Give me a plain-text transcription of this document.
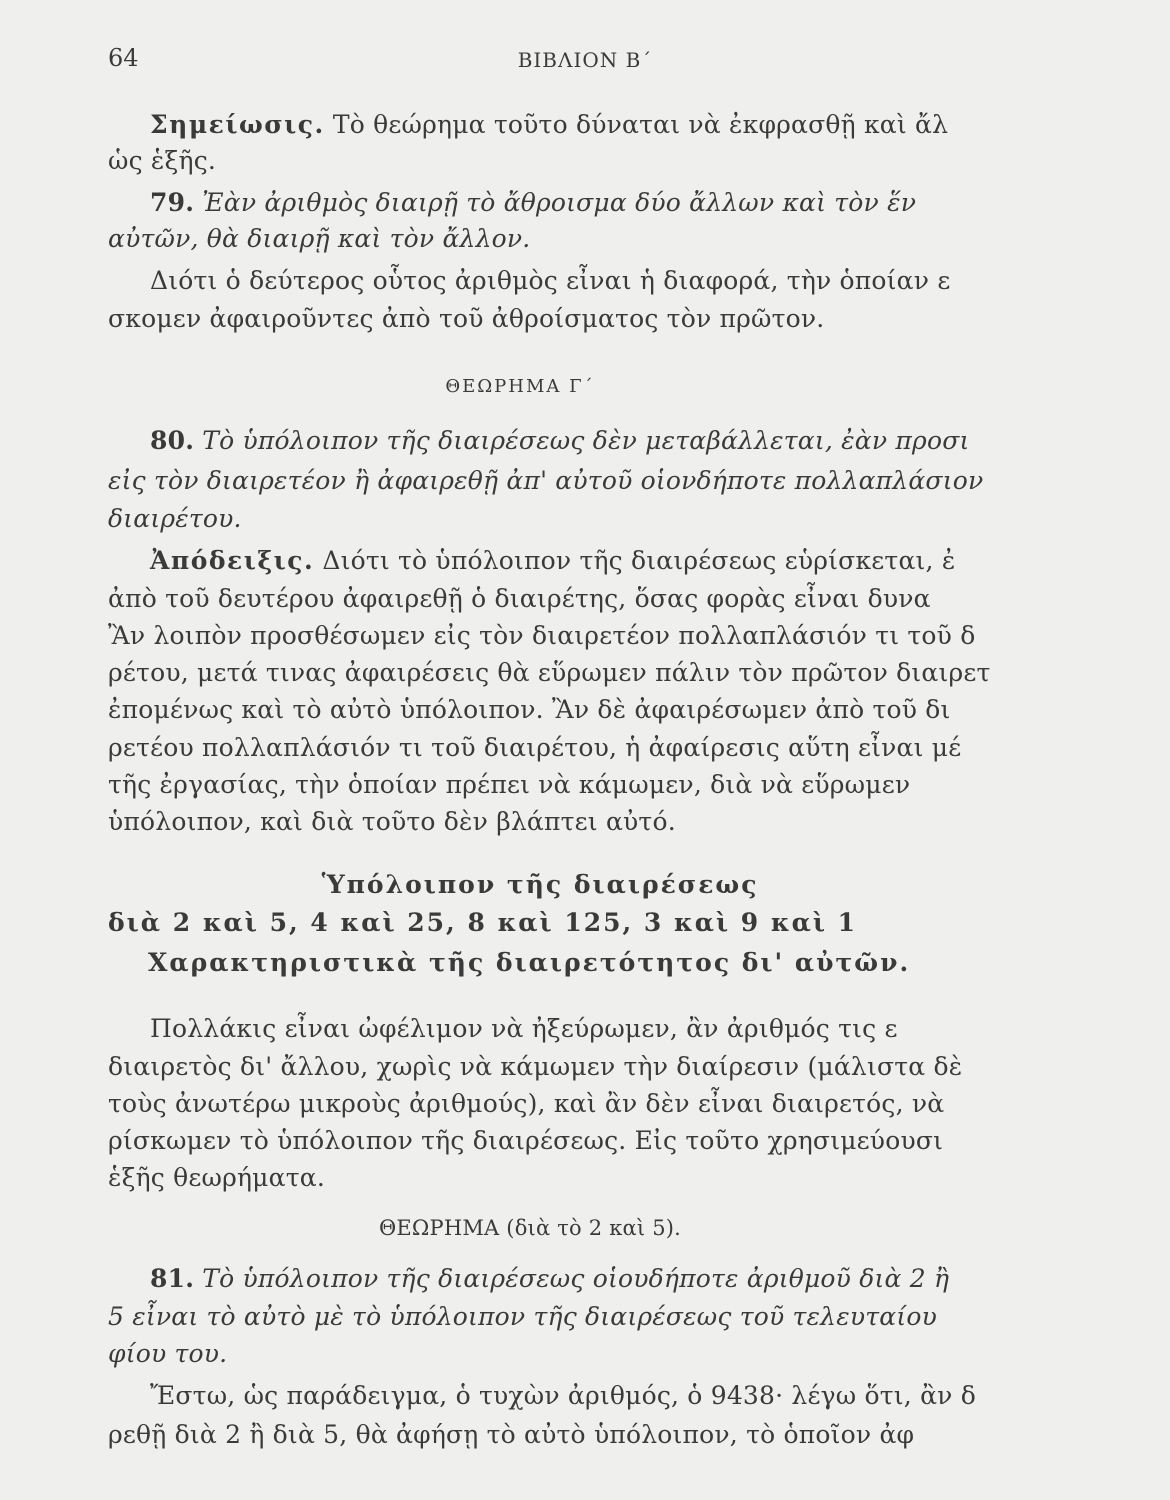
64	ΒΙΒΛΙΟΝ Β΄
Σημείωσις. Τὸ θεώρημα τοῦτο δύναται νὰ ἐκφρασθῇ καὶ ἄλ
ὡς ἑξῆς.
79. Ἐὰν ἀριθμὸς διαιρῇ τὸ ἄθροισμα δύο ἄλλων καὶ τὸν ἕν
αὐτῶν, θὰ διαιρῇ καὶ τὸν ἄλλον.
Διότι ὁ δεύτερος οὗτος ἀριθμὸς εἶναι ἡ διαφορά, τὴν ὁποίαν ε
σκομεν ἀφαιροῦντες ἀπὸ τοῦ ἀθροίσματος τὸν πρῶτον.
ΘΕΩΡΗΜΑ Γ΄
80. Τὸ ὑπόλοιπον τῆς διαιρέσεως δὲν μεταβάλλεται, ἐὰν προσι
εἰς τὸν διαιρετέον ἢ ἀφαιρεθῇ ἀπ' αὐτοῦ οἱονδήποτε πολλαπλάσιον
διαιρέτου.
Ἀπόδειξις. Διότι τὸ ὑπόλοιπον τῆς διαιρέσεως εὑρίσκεται, ἐ
ἀπὸ τοῦ δευτέρου ἀφαιρεθῇ ὁ διαιρέτης, ὅσας φορὰς εἶναι δυνα
Ἂν λοιπὸν προσθέσωμεν εἰς τὸν διαιρετέον πολλαπλάσιόν τι τοῦ δ
ρέτου, μετά τινας ἀφαιρέσεις θὰ εὕρωμεν πάλιν τὸν πρῶτον διαιρετ
ἐπομένως καὶ τὸ αὐτὸ ὑπόλοιπον. Ἂν δὲ ἀφαιρέσωμεν ἀπὸ τοῦ δι
ρετέου πολλαπλάσιόν τι τοῦ διαιρέτου, ἡ ἀφαίρεσις αὕτη εἶναι μέ
τῆς ἐργασίας, τὴν ὁποίαν πρέπει νὰ κάμωμεν, διὰ νὰ εὕρωμεν
ὑπόλοιπον, καὶ διὰ τοῦτο δὲν βλάπτει αὐτό.
Ὑπόλοιπον τῆς διαιρέσεως
διὰ 2 καὶ 5, 4 καὶ 25, 8 καὶ 125, 3 καὶ 9 καὶ 1
Χαρακτηριστικὰ τῆς διαιρετότητος δι' αὐτῶν.
Πολλάκις εἶναι ὠφέλιμον νὰ ἠξεύρωμεν, ἂν ἀριθμός τις ε
διαιρετὸς δι' ἄλλου, χωρὶς νὰ κάμωμεν τὴν διαίρεσιν (μάλιστα δὲ
τοὺς ἀνωτέρω μικροὺς ἀριθμούς), καὶ ἂν δὲν εἶναι διαιρετός, νὰ
ρίσκωμεν τὸ ὑπόλοιπον τῆς διαιρέσεως. Εἰς τοῦτο χρησιμεύουσι
ἑξῆς θεωρήματα.
ΘΕΩΡΗΜΑ (διὰ τὸ 2 καὶ 5).
81. Τὸ ὑπόλοιπον τῆς διαιρέσεως οἱουδήποτε ἀριθμοῦ διὰ 2 ἢ
5 εἶναι τὸ αὐτὸ μὲ τὸ ὑπόλοιπον τῆς διαιρέσεως τοῦ τελευταίου
φίου του.
Ἔστω, ὡς παράδειγμα, ὁ τυχὼν ἀριθμός, ὁ 9438· λέγω ὅτι, ἂν δ
ρεθῇ διὰ 2 ἢ διὰ 5, θὰ ἀφήσῃ τὸ αὐτὸ ὑπόλοιπον, τὸ ὁποῖον ἀφ
